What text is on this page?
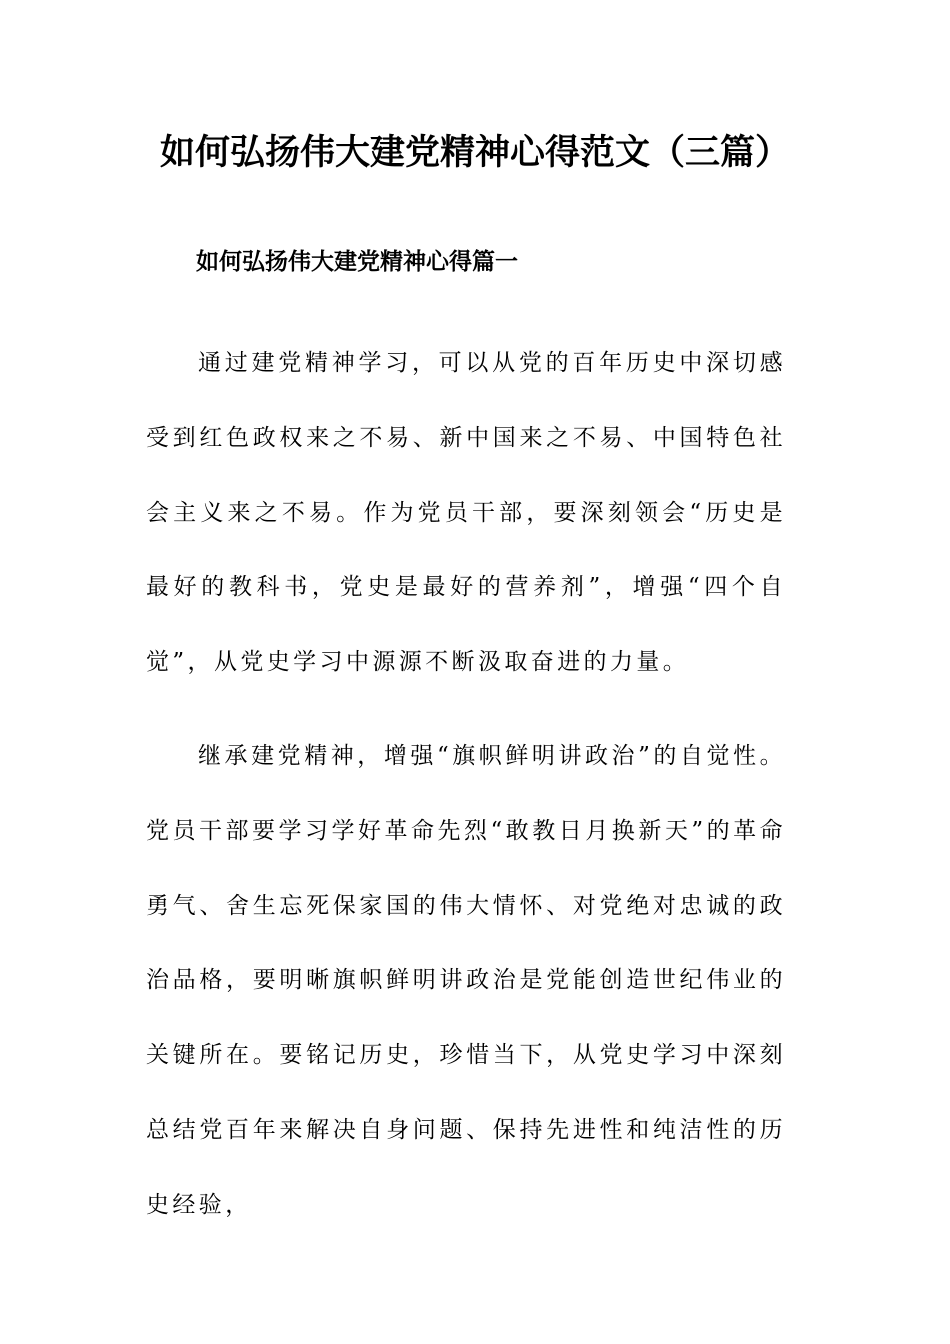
如何弘扬伟大建党精神心得范文（三篇）
如何弘扬伟大建党精神心得篇一

通过建党精神学习，可以从党的百年历史中深切感受到红色政权来之不易、新中国来之不易、中国特色社会主义来之不易。作为党员干部，要深刻领会“历史是最好的教科书，党史是最好的营养剂”，增强“四个自觉”，从党史学习中源源不断汲取奋进的力量。

继承建党精神，增强“旗帜鲜明讲政治”的自觉性。党员干部要学习学好革命先烈“敢教日月换新天”的革命勇气、舍生忘死保家国的伟大情怀、对党绝对忠诚的政治品格，要明晰旗帜鲜明讲政治是党能创造世纪伟业的关键所在。要铭记历史，珍惜当下，从党史学习中深刻总结党百年来解决自身问题、保持先进性和纯洁性的历史经验，
